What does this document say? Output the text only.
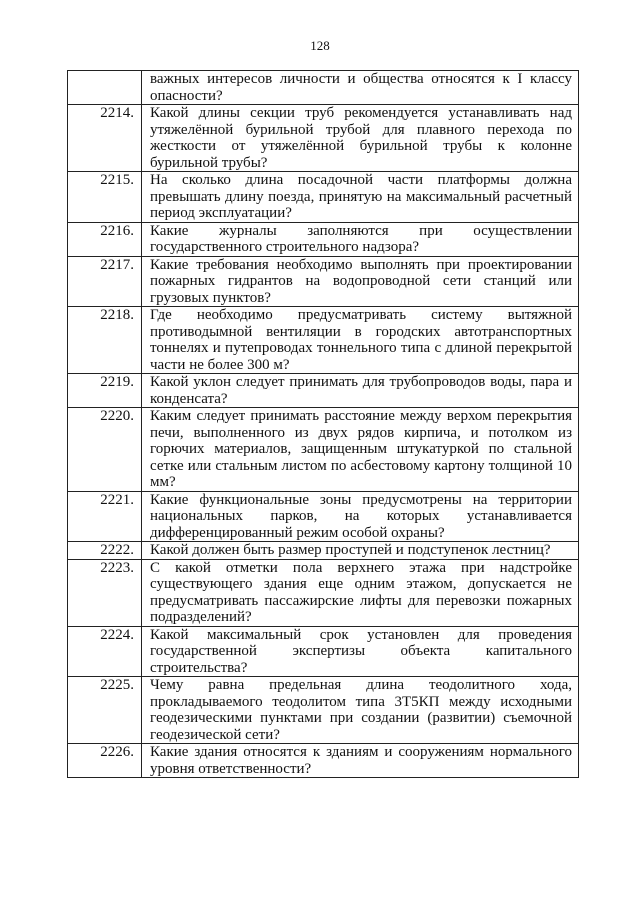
128
	важных интересов личности и общества относятся к I классу опасности?
2214.	Какой длины секции труб рекомендуется устанавливать над утяжелённой бурильной трубой для плавного перехода по жесткости от утяжелённой бурильной трубы к колонне бурильной трубы?
2215.	На сколько длина посадочной части платформы должна превышать длину поезда, принятую на максимальный расчетный период эксплуатации?
2216.	Какие журналы заполняются при осуществлении государственного строительного надзора?
2217.	Какие требования необходимо выполнять при проектировании пожарных гидрантов на водопроводной сети станций или грузовых пунктов?
2218.	Где необходимо предусматривать систему вытяжной противодымной вентиляции в городских автотранспортных тоннелях и путепроводах тоннельного типа с длиной перекрытой части не более 300 м?
2219.	Какой уклон следует принимать для трубопроводов воды, пара и конденсата?
2220.	Каким следует принимать расстояние между верхом перекрытия печи, выполненного из двух рядов кирпича, и потолком из горючих материалов, защищенным штукатуркой по стальной сетке или стальным листом по асбестовому картону толщиной 10 мм?
2221.	Какие функциональные зоны предусмотрены на территории национальных парков, на которых устанавливается дифференцированный режим особой охраны?
2222.	Какой должен быть размер проступей и подступенок лестниц?
2223.	С какой отметки пола верхнего этажа при надстройке существующего здания еще одним этажом, допускается не предусматривать пассажирские лифты для перевозки пожарных подразделений?
2224.	Какой максимальный срок установлен для проведения государственной экспертизы объекта капитального строительства?
2225.	Чему равна предельная длина теодолитного хода, прокладываемого теодолитом типа 3Т5КП между исходными геодезическими пунктами при создании (развитии) съемочной геодезической сети?
2226.	Какие здания относятся к зданиям и сооружениям нормального уровня ответственности?
